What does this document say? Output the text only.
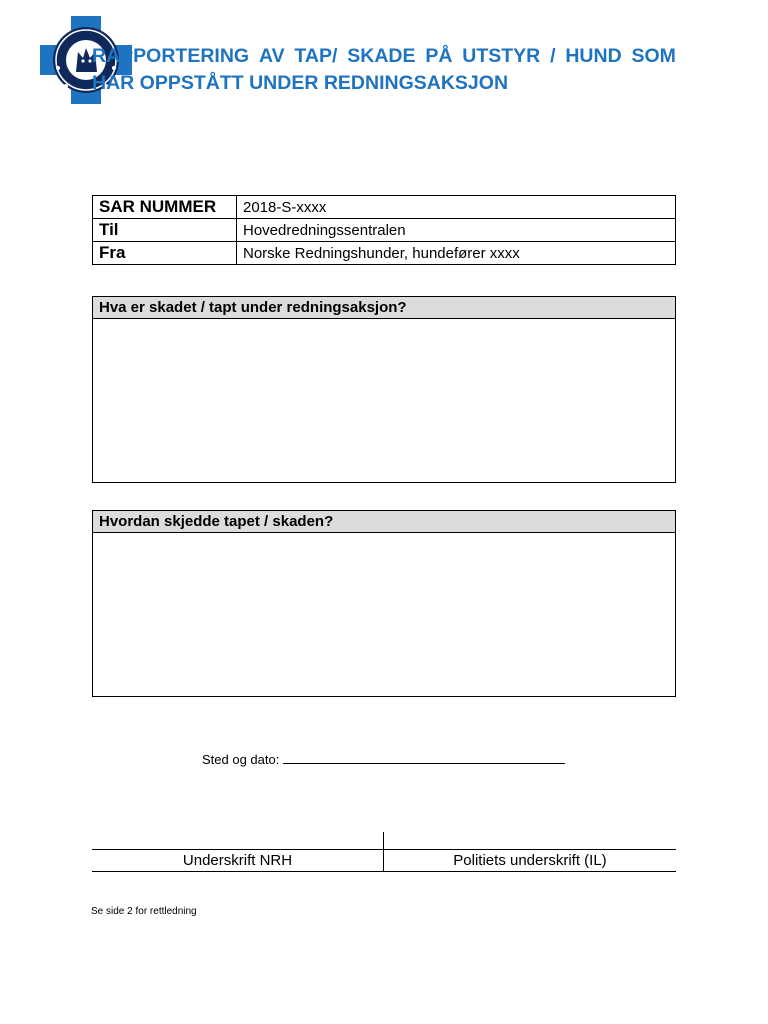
RAPPORTERING AV TAP/ SKADE PÅ UTSTYR / HUND SOM
HAR OPPSTÅTT UNDER REDNINGSAKSJON
SAR NUMMER	2018-S-xxxx
Til	Hovedredningssentralen
Fra	Norske Redningshunder, hundefører xxxx
Hva er skadet / tapt under redningsaksjon?
Hvordan skjedde tapet / skaden?
Sted og dato:
Underskrift NRH	Politiets underskrift (IL)
Se side 2 for rettledning
